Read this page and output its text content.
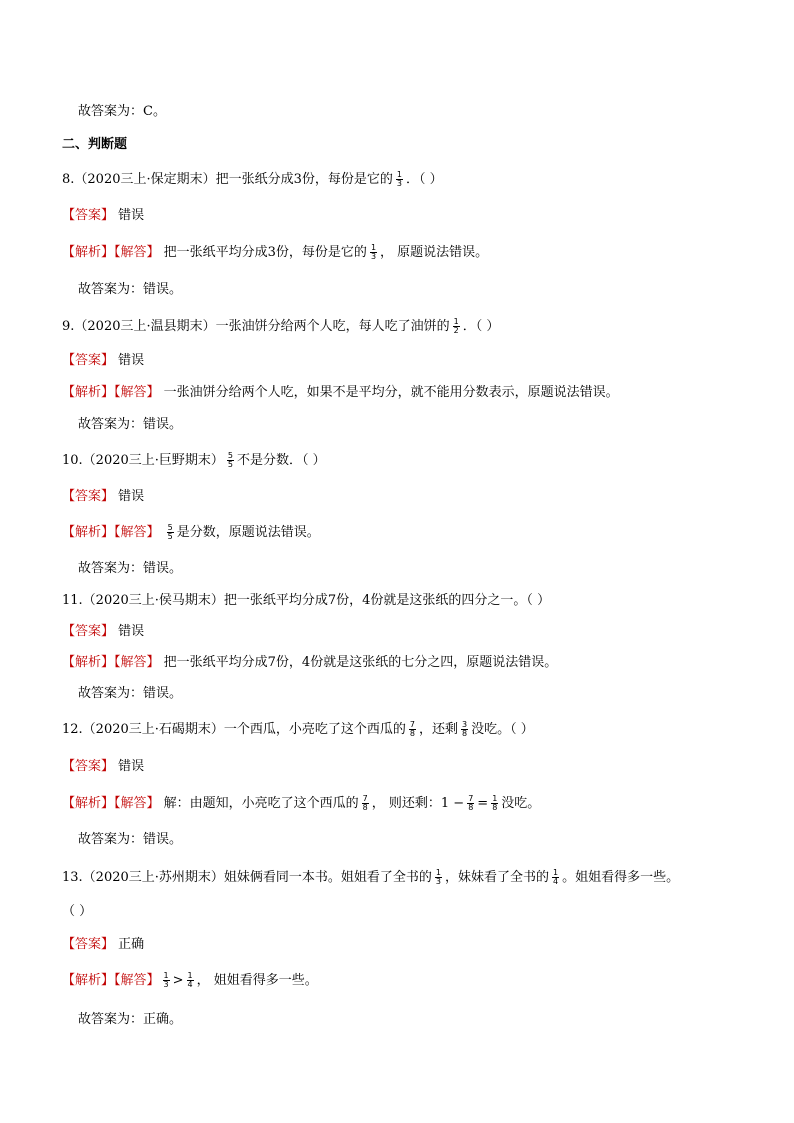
故答案为：C。
二、判断题
8.（2020三上·保定期末）把一张纸分成3份，每份是它的 $\frac{1}{3}$ ．（ ）
【答案】 错误
【解析】【解答】 把一张纸平均分成3份，每份是它的 $\frac{1}{3}$ ， 原题说法错误。
故答案为：错误。
9.（2020三上·温县期末）一张油饼分给两个人吃，每人吃了油饼的 $\frac{1}{2}$ ．（ ）
【答案】 错误
【解析】【解答】 一张油饼分给两个人吃，如果不是平均分，就不能用分数表示，原题说法错误。
故答案为：错误。
10.（2020三上·巨野期末） $\frac{5}{5}$ 不是分数．（ ）
【答案】 错误
【解析】【解答】 $\frac{5}{5}$ 是分数，原题说法错误。
故答案为：错误。
11.（2020三上·侯马期末）把一张纸平均分成7份，4份就是这张纸的四分之一。（ ）
【答案】 错误
【解析】【解答】 把一张纸平均分成7份，4份就是这张纸的七分之四，原题说法错误。
故答案为：错误。
12.（2020三上·石碣期末）一个西瓜，小亮吃了这个西瓜的 $\frac{7}{8}$ ，还剩 $\frac{3}{8}$ 没吃。（ ）
【答案】 错误
【解析】【解答】 解：由题知，小亮吃了这个西瓜的 $\frac{7}{8}$ ， 则还剩：$1 - \frac{7}{8} = \frac{1}{8}$ 没吃。
故答案为：错误。
13.（2020三上·苏州期末）姐妹俩看同一本书。姐姐看了全书的 $\frac{1}{3}$ ，妹妹看了全书的 $\frac{1}{4}$ 。姐姐看得多一些。
（ ）
【答案】 正确
【解析】【解答】 $\frac{1}{3} > \frac{1}{4}$ ， 姐姐看得多一些。
故答案为：正确。
